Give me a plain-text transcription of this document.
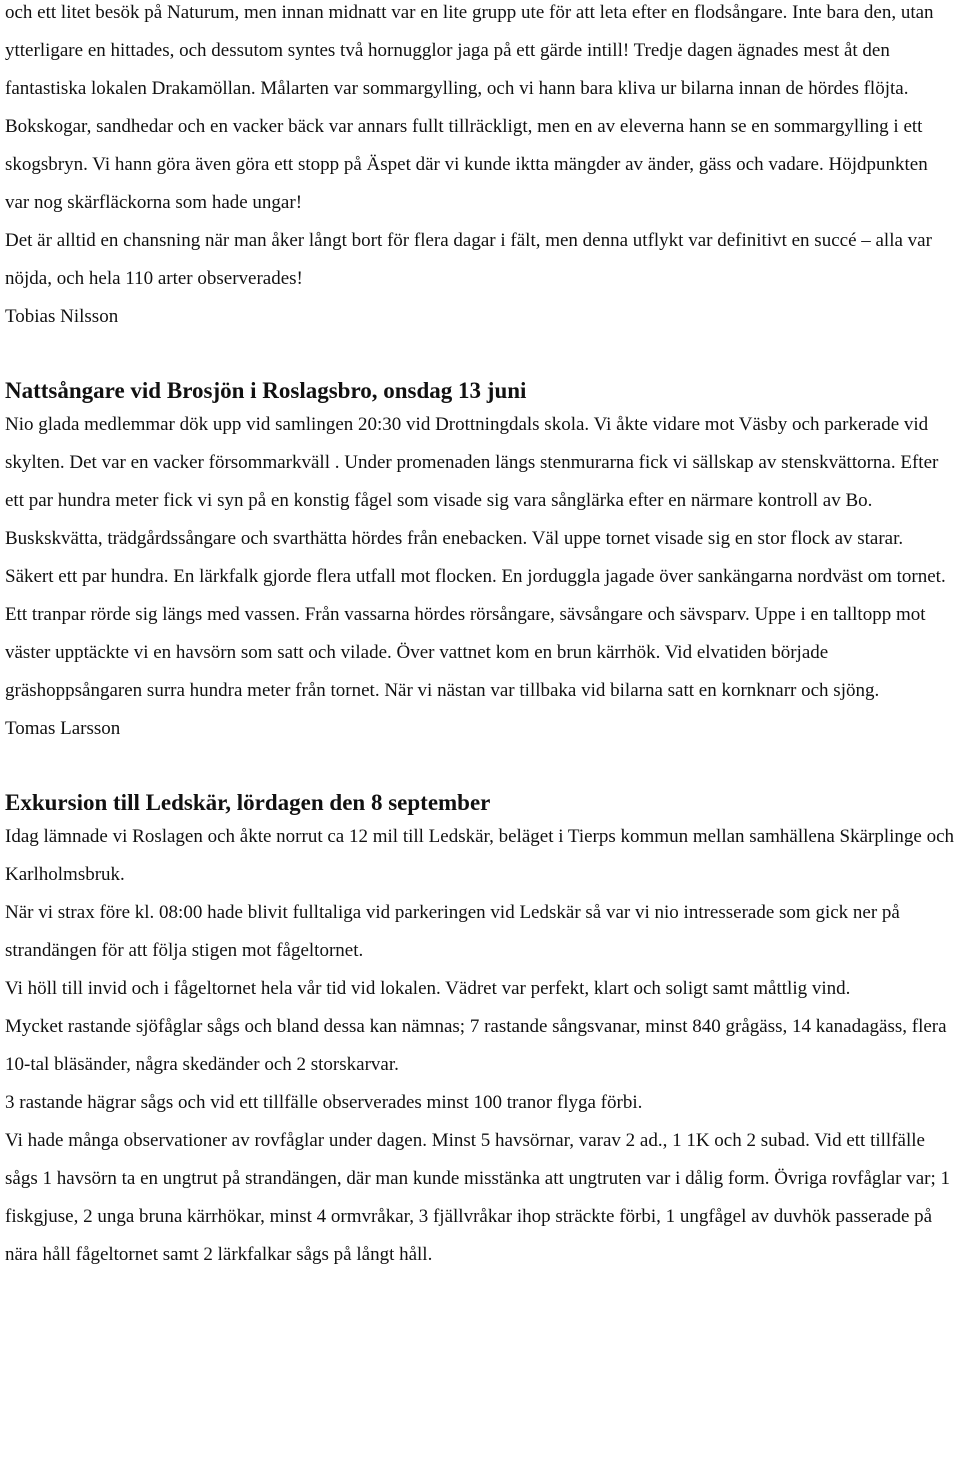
och ett litet besök på Naturum, men innan midnatt var en lite grupp ute för att leta efter en flodsångare. Inte bara den, utan ytterligare en hittades, och dessutom syntes två hornugglor jaga på ett gärde intill! Tredje dagen ägnades mest åt den fantastiska lokalen Drakamöllan. Målarten var sommargylling, och vi hann bara kliva ur bilarna innan de hördes flöjta. Bokskogar, sandhedar och en vacker bäck var annars fullt tillräckligt, men en av eleverna hann se en sommargylling i ett skogsbryn. Vi hann göra även göra ett stopp på Äspet där vi kunde iktta mängder av änder, gäss och vadare. Höjdpunkten var nog skärfläckorna som hade ungar!

Det är alltid en chansning när man åker långt bort för flera dagar i fält, men denna utflykt var definitivt en succé – alla var nöjda, och hela 110 arter observerades!

Tobias Nilsson

Nattsångare vid Brosjön i Roslagsbro, onsdag 13 juni

Nio glada medlemmar dök upp vid samlingen 20:30 vid Drottningdals skola. Vi åkte vidare mot Väsby och parkerade vid skylten. Det var en vacker försommarkväll . Under promenaden längs stenmurarna fick vi sällskap av stenskvättorna. Efter ett par hundra meter fick vi syn på en konstig fågel som visade sig vara sånglärka efter en närmare kontroll av Bo. Buskskvätta, trädgårdssångare och svarthätta hördes från enebacken. Väl uppe tornet visade sig en stor flock av starar. Säkert ett par hundra. En lärkfalk gjorde flera utfall mot flocken. En jorduggla jagade över sankängarna nordväst om tornet. Ett tranpar rörde sig längs med vassen. Från vassarna hördes rörsångare, sävsångare och sävsparv. Uppe i en talltopp mot väster upptäckte vi en havsörn som satt och vilade. Över vattnet kom en brun kärrhök. Vid elvatiden började gräshoppsångaren surra hundra meter från tornet. När vi nästan var tillbaka vid bilarna satt en kornknarr och sjöng.

Tomas Larsson

Exkursion till Ledskär, lördagen den 8 september

Idag lämnade vi Roslagen och åkte norrut ca 12 mil till Ledskär, beläget i Tierps kommun mellan samhällena Skärplinge och Karlholmsbruk.

När vi strax före kl. 08:00 hade blivit fulltaliga vid parkeringen vid Ledskär så var vi nio intresserade som gick ner på strandängen för att följa stigen mot fågeltornet.

Vi höll till invid och i fågeltornet hela vår tid vid lokalen. Vädret var perfekt, klart och soligt samt måttlig vind.

Mycket rastande sjöfåglar sågs och bland dessa kan nämnas; 7 rastande sångsvanar, minst 840 grågäss, 14 kanadagäss, flera 10-tal bläsänder, några skedänder och 2 storskarvar.

3 rastande hägrar sågs och vid ett tillfälle observerades minst 100 tranor flyga förbi.

Vi hade många observationer av rovfåglar under dagen. Minst 5 havsörnar, varav 2 ad., 1 1K och 2 subad. Vid ett tillfälle sågs 1 havsörn ta en ungtrut på strandängen, där man kunde misstänka att ungtruten var i dålig form. Övriga rovfåglar var; 1 fiskgjuse, 2 unga bruna kärrhökar, minst 4 ormvråkar, 3 fjällvråkar ihop sträckte förbi, 1 ungfågel av duvhök passerade på nära håll fågeltornet samt 2 lärkfalkar sågs på långt håll.
